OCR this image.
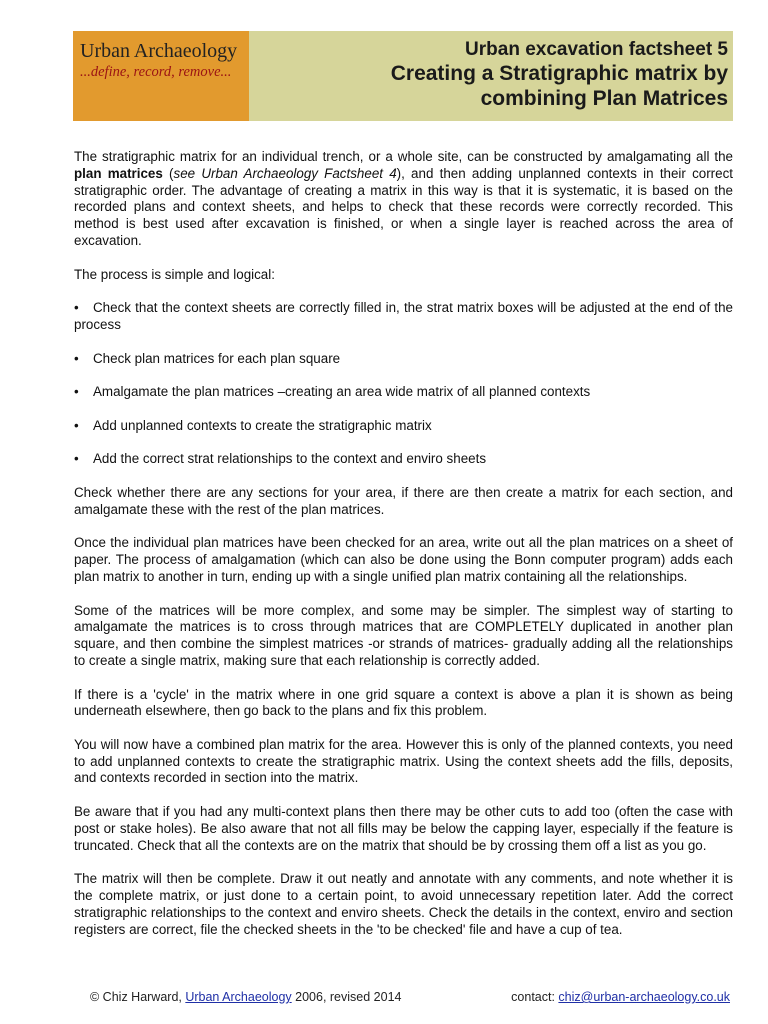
Urban Archaeology
...define, record, remove...
Urban excavation factsheet 5
Creating a Stratigraphic matrix by
combining Plan Matrices

The stratigraphic matrix for an individual trench, or a whole site, can be constructed by amalgamating all the plan matrices (see Urban Archaeology Factsheet 4), and then adding unplanned contexts in their correct stratigraphic order. The advantage of creating a matrix in this way is that it is systematic, it is based on the recorded plans and context sheets, and helps to check that these records were correctly recorded. This method is best used after excavation is finished, or when a single layer is reached across the area of excavation.

The process is simple and logical:

• Check that the context sheets are correctly filled in, the strat matrix boxes will be adjusted at the end of the process
• Check plan matrices for each plan square
• Amalgamate the plan matrices –creating an area wide matrix of all planned contexts
• Add unplanned contexts to create the stratigraphic matrix
• Add the correct strat relationships to the context and enviro sheets

Check whether there are any sections for your area, if there are then create a matrix for each section, and amalgamate these with the rest of the plan matrices.

Once the individual plan matrices have been checked for an area, write out all the plan matrices on a sheet of paper. The process of amalgamation (which can also be done using the Bonn computer program) adds each plan matrix to another in turn, ending up with a single unified plan matrix containing all the relationships.

Some of the matrices will be more complex, and some may be simpler. The simplest way of starting to amalgamate the matrices is to cross through matrices that are COMPLETELY duplicated in another plan square, and then combine the simplest matrices -or strands of matrices- gradually adding all the relationships to create a single matrix, making sure that each relationship is correctly added.

If there is a 'cycle' in the matrix where in one grid square a context is above a plan it is shown as being underneath elsewhere, then go back to the plans and fix this problem.

You will now have a combined plan matrix for the area. However this is only of the planned contexts, you need to add unplanned contexts to create the stratigraphic matrix. Using the context sheets add the fills, deposits, and contexts recorded in section into the matrix.

Be aware that if you had any multi-context plans then there may be other cuts to add too (often the case with post or stake holes). Be also aware that not all fills may be below the capping layer, especially if the feature is truncated. Check that all the contexts are on the matrix that should be by crossing them off a list as you go.

The matrix will then be complete. Draw it out neatly and annotate with any comments, and note whether it is the complete matrix, or just done to a certain point, to avoid unnecessary repetition later. Add the correct stratigraphic relationships to the context and enviro sheets. Check the details in the context, enviro and section registers are correct, file the checked sheets in the 'to be checked' file and have a cup of tea.

© Chiz Harward, Urban Archaeology 2006, revised 2014	contact: chiz@urban-archaeology.co.uk
